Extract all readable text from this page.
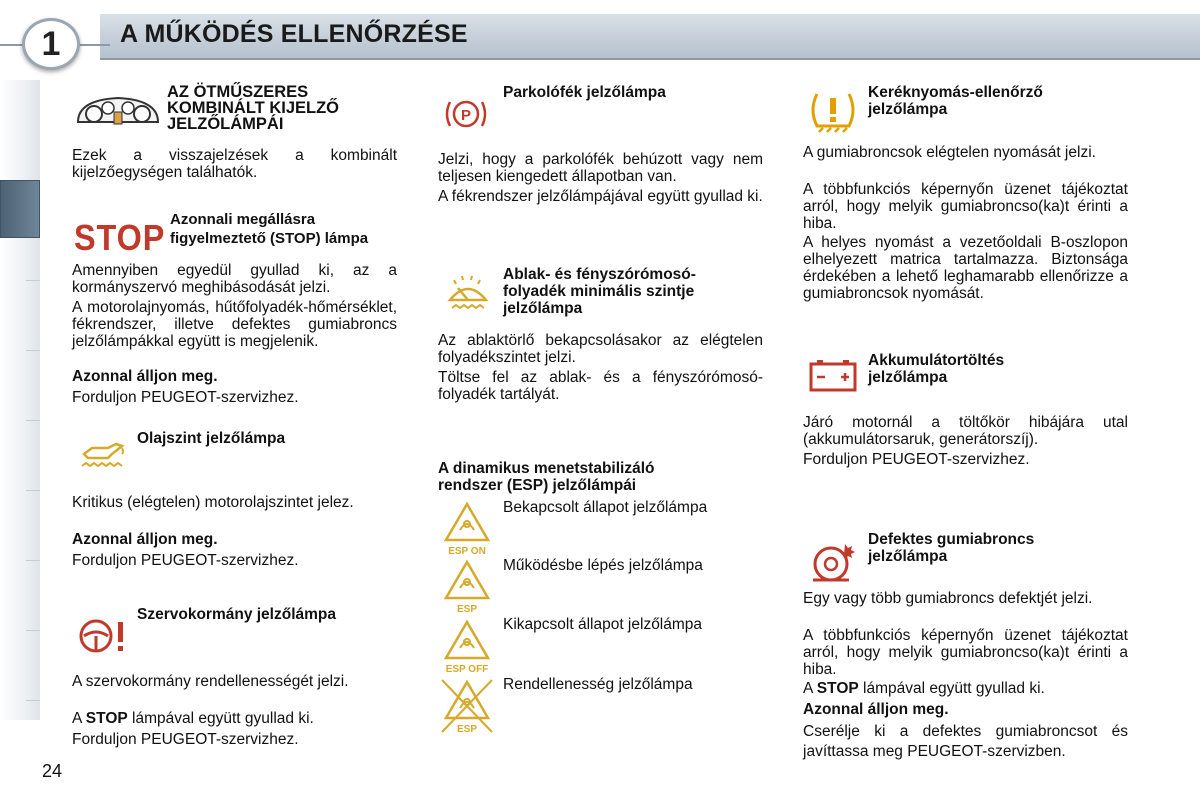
1	A MŰKÖDÉS ELLENŐRZÉSE
AZ ÖTMŰSZERES
KOMBINÁLT KIJELZŐ
JELZŐLÁMPÁI
Ezek a visszajelzések a kombinált kijelzőegységen találhatók.
STOP Azonnali megállásra
figyelmeztető (STOP) lámpa
Amennyiben egyedül gyullad ki, az a kormányszervó meghibásodását jelzi.
A motorolajnyomás, hűtőfolyadék-hőmérséklet, fékrendszer, illetve defektes gumiabroncs jelzőlámpákkal együtt is megjelenik.
Azonnal álljon meg.
Forduljon PEUGEOT-szervizhez.
Olajszint jelzőlámpa
Kritikus (elégtelen) motorolajszintet jelez.
Azonnal álljon meg.
Forduljon PEUGEOT-szervizhez.
Szervokormány jelzőlámpa
A szervokormány rendellenességét jelzi.
A STOP lámpával együtt gyullad ki.
Forduljon PEUGEOT-szervizhez.
P
Parkolófék jelzőlámpa
Jelzi, hogy a parkolófék behúzott vagy nem teljesen kiengedett állapotban van.
A fékrendszer jelzőlámpájával együtt gyullad ki.
Ablak- és fényszórómosó-
folyadék minimális szintje
jelzőlámpa
Az ablaktörlő bekapcsolásakor az elégtelen folyadékszintet jelzi.
Töltse fel az ablak- és a fényszórómosó-folyadék tartályát.
A dinamikus menetstabilizáló
rendszer (ESP) jelzőlámpái
ESP ON
Bekapcsolt állapot jelzőlámpa
ESP
Működésbe lépés jelzőlámpa
ESP OFF
Kikapcsolt állapot jelzőlámpa
ESP
Rendellenesség jelzőlámpa
Keréknyomás-ellenőrző
jelzőlámpa
A gumiabroncsok elégtelen nyomását jelzi.
A többfunkciós képernyőn üzenet tájékoztat arról, hogy melyik gumiabroncso(ka)t érinti a hiba.
A helyes nyomást a vezetőoldali B-oszlopon elhelyezett matrica tartalmazza. Biztonsága érdekében a lehető leghamarabb ellenőrizze a gumiabroncsok nyomását.
Akkumulátortöltés
jelzőlámpa
Járó motornál a töltőkör hibájára utal (akkumulátorsaruk, generátorszíj).
Forduljon PEUGEOT-szervizhez.
Defektes gumiabroncs
jelzőlámpa
Egy vagy több gumiabroncs defektjét jelzi.
A többfunkciós képernyőn üzenet tájékoztat arról, hogy melyik gumiabroncso(ka)t érinti a hiba.
A STOP lámpával együtt gyullad ki.
Azonnal álljon meg.
Cserélje ki a defektes gumiabroncsot és javíttassa meg PEUGEOT-szervizben.
24
